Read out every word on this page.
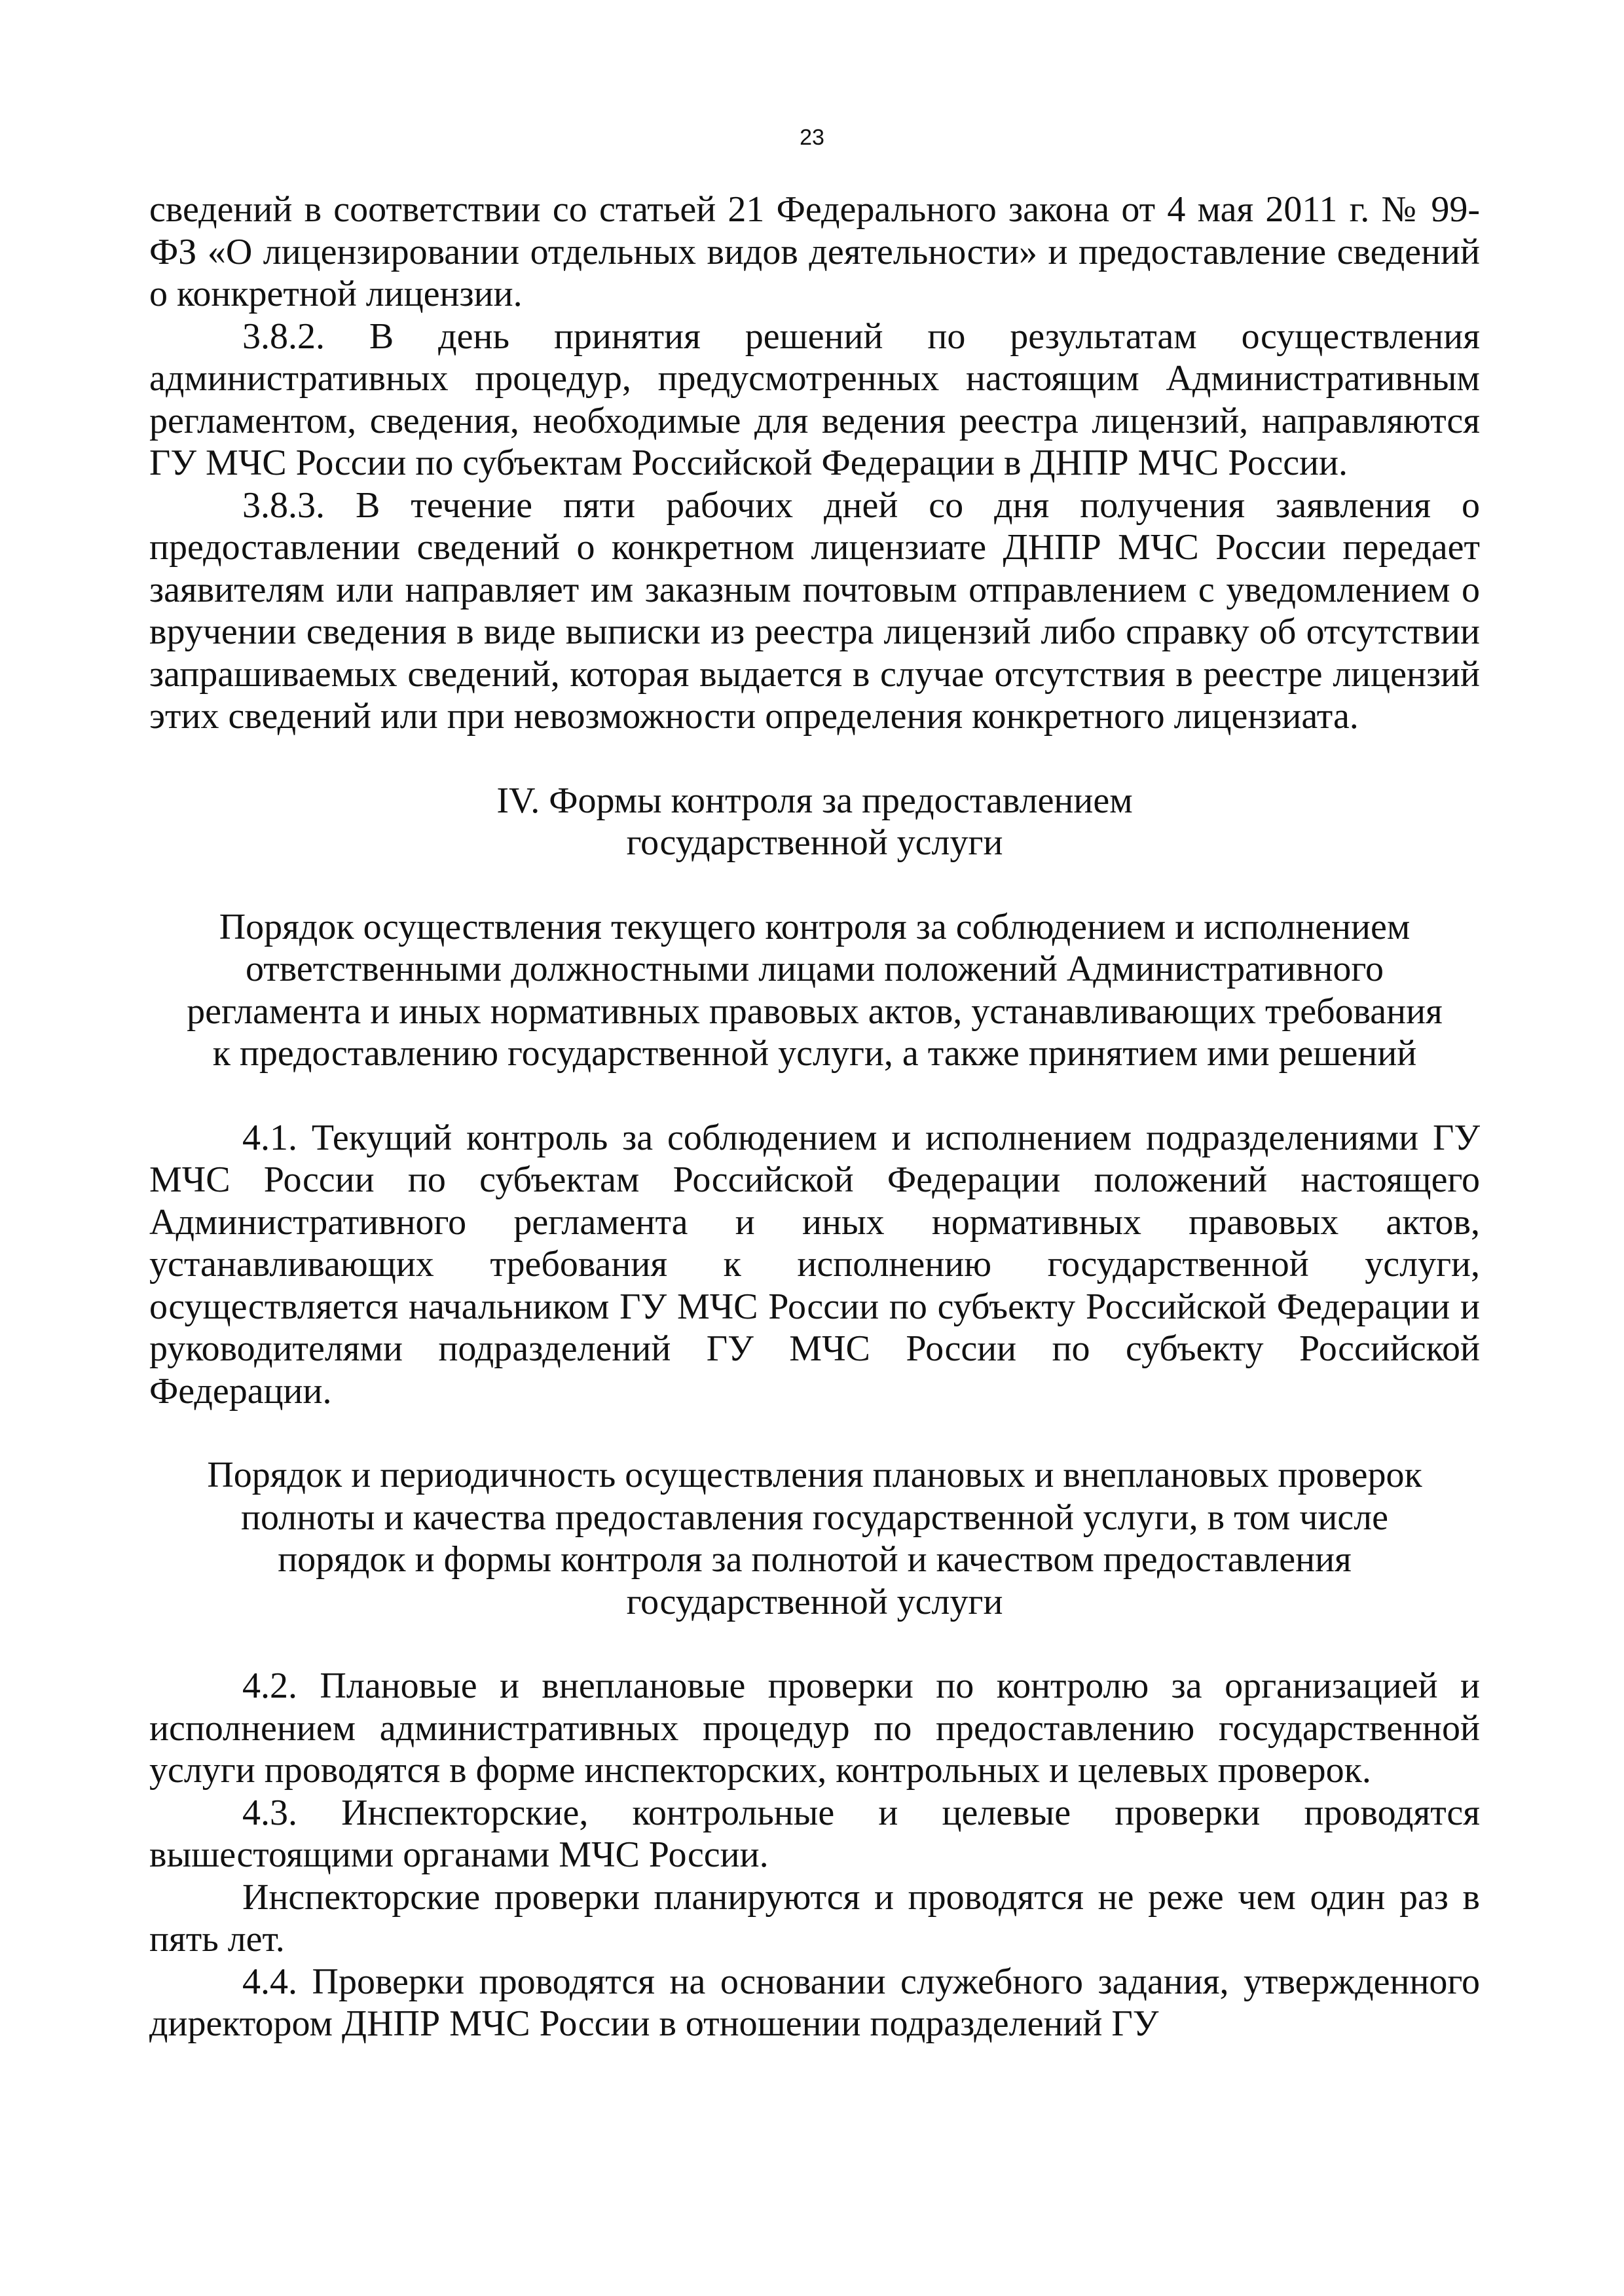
23

сведений в соответствии со статьей 21 Федерального закона от 4 мая 2011 г. № 99-ФЗ «О лицензировании отдельных видов деятельности» и предоставление сведений о конкретной лицензии.

3.8.2. В день принятия решений по результатам осуществления административных процедур, предусмотренных настоящим Административным регламентом, сведения, необходимые для ведения реестра лицензий, направляются ГУ МЧС России по субъектам Российской Федерации в ДНПР МЧС России.

3.8.3. В течение пяти рабочих дней со дня получения заявления о предоставлении сведений о конкретном лицензиате ДНПР МЧС России передает заявителям или направляет им заказным почтовым отправлением с уведомлением о вручении сведения в виде выписки из реестра лицензий либо справку об отсутствии запрашиваемых сведений, которая выдается в случае отсутствия в реестре лицензий этих сведений или при невозможности определения конкретного лицензиата.

IV. Формы контроля за предоставлением
государственной услуги
Порядок осуществления текущего контроля за соблюдением и исполнением
ответственными должностными лицами положений Административного
регламента и иных нормативных правовых актов, устанавливающих требования
к предоставлению государственной услуги, а также принятием ими решений

4.1. Текущий контроль за соблюдением и исполнением подразделениями ГУ МЧС России по субъектам Российской Федерации положений настоящего Административного регламента и иных нормативных правовых актов, устанавливающих требования к исполнению государственной услуги, осуществляется начальником ГУ МЧС России по субъекту Российской Федерации и руководителями подразделений ГУ МЧС России по субъекту Российской Федерации.

Порядок и периодичность осуществления плановых и внеплановых проверок
полноты и качества предоставления государственной услуги, в том числе
порядок и формы контроля за полнотой и качеством предоставления
государственной услуги

4.2. Плановые и внеплановые проверки по контролю за организацией и исполнением административных процедур по предоставлению государственной услуги проводятся в форме инспекторских, контрольных и целевых проверок.

4.3. Инспекторские, контрольные и целевые проверки проводятся вышестоящими органами МЧС России.

Инспекторские проверки планируются и проводятся не реже чем один раз в пять лет.

4.4. Проверки проводятся на основании служебного задания, утвержденного директором ДНПР МЧС России в отношении подразделений ГУ
